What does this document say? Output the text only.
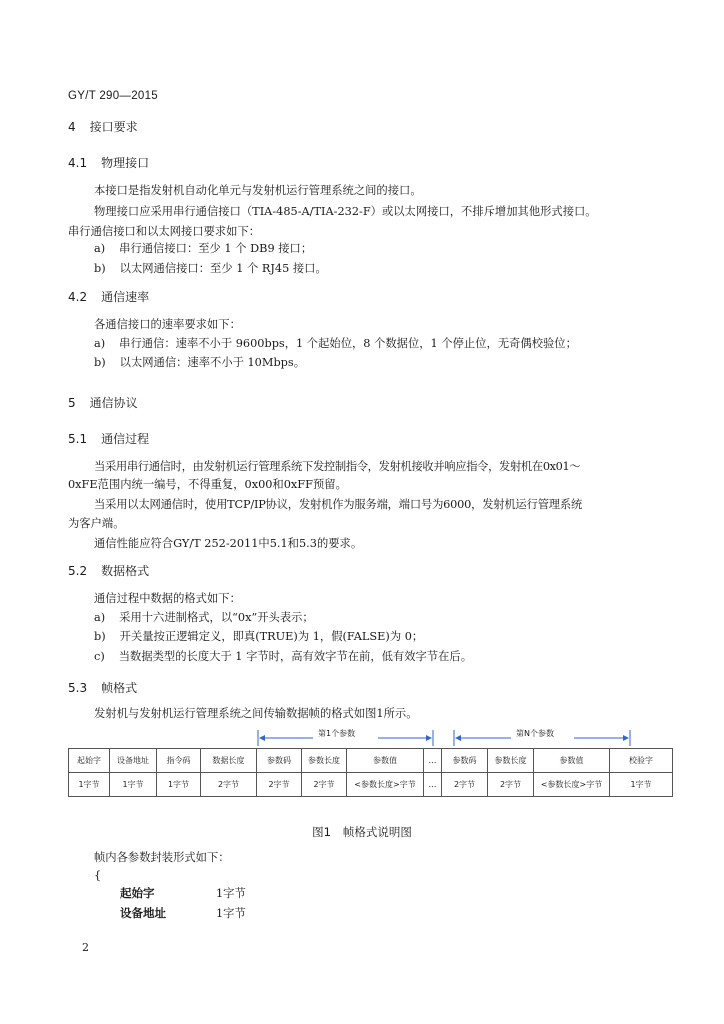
GY/T 290—2015
4 接口要求
4.1 物理接口
本接口是指发射机自动化单元与发射机运行管理系统之间的接口。
物理接口应采用串行通信接口（TIA-485-A/TIA-232-F）或以太网接口，不排斥增加其他形式接口。
串行通信接口和以太网接口要求如下：
a) 串行通信接口：至少 1 个 DB9 接口；
b) 以太网通信接口：至少 1 个 RJ45 接口。
4.2 通信速率
各通信接口的速率要求如下：
a) 串行通信：速率不小于 9600bps，1 个起始位，8 个数据位，1 个停止位，无奇偶校验位；
b) 以太网通信：速率不小于 10Mbps。
5 通信协议
5.1 通信过程
当采用串行通信时，由发射机运行管理系统下发控制指令，发射机接收并响应指令，发射机在0x01～
0xFE范围内统一编号，不得重复，0x00和0xFF预留。
当采用以太网通信时，使用TCP/IP协议，发射机作为服务端，端口号为6000，发射机运行管理系统
为客户端。
通信性能应符合GY/T 252-2011中5.1和5.3的要求。
5.2 数据格式
通信过程中数据的格式如下：
a) 采用十六进制格式，以“0x”开头表示；
b) 开关量按正逻辑定义，即真(TRUE)为 1，假(FALSE)为 0；
c) 当数据类型的长度大于 1 字节时，高有效字节在前，低有效字节在后。
5.3 帧格式
发射机与发射机运行管理系统之间传输数据帧的格式如图1所示。
第1个参数	第N个参数
起始字	设备地址	指令码	数据长度	参数码	参数长度	参数值	…	参数码	参数长度	参数值	校验字
1字节	1字节	1字节	2字节	2字节	2字节	<参数长度>字节	…	2字节	2字节	<参数长度>字节	1字节
图1 帧格式说明图
帧内各参数封装形式如下：
{
起始字	1字节
设备地址	1字节
2
